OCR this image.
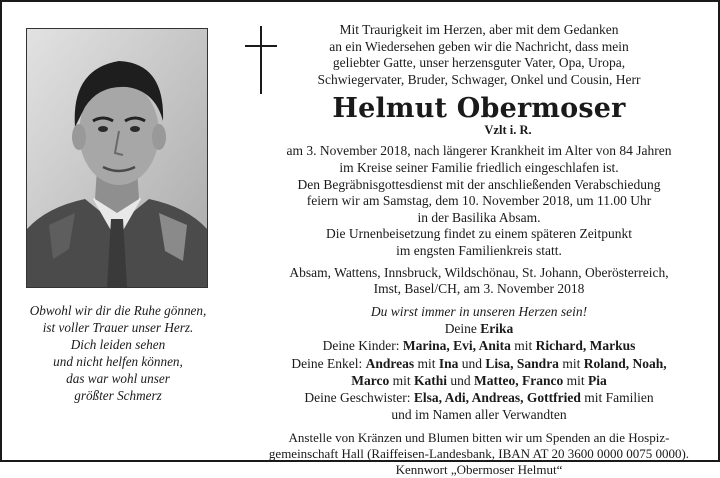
Mit Traurigkeit im Herzen, aber mit dem Gedanken
an ein Wiedersehen geben wir die Nachricht, dass mein
geliebter Gatte, unser herzensguter Vater, Opa, Uropa,
Schwiegervater, Bruder, Schwager, Onkel und Cousin, Herr
Helmut Obermoser
Vzlt i. R.
am 3. November 2018, nach längerer Krankheit im Alter von 84 Jahren
im Kreise seiner Familie friedlich eingeschlafen ist.
Den Begräbnisgottesdienst mit der anschließenden Verabschiedung
feiern wir am Samstag, dem 10. November 2018, um 11.00 Uhr
in der Basilika Absam.
Die Urnenbeisetzung findet zu einem späteren Zeitpunkt
im engsten Familienkreis statt.
Absam, Wattens, Innsbruck, Wildschönau, St. Johann, Oberösterreich,
Imst, Basel/CH, am 3. November 2018
Du wirst immer in unseren Herzen sein!
Deine Erika
Deine Kinder: Marina, Evi, Anita mit Richard, Markus
Deine Enkel: Andreas mit Ina und Lisa, Sandra mit Roland, Noah,
Marco mit Kathi und Matteo, Franco mit Pia
Deine Geschwister: Elsa, Adi, Andreas, Gottfried mit Familien
und im Namen aller Verwandten
Anstelle von Kränzen und Blumen bitten wir um Spenden an die Hospiz-
gemeinschaft Hall (Raiffeisen-Landesbank, IBAN AT 20 3600 0000 0075 0000).
Kennwort „Obermoser Helmut“
Obwohl wir dir die Ruhe gönnen,
ist voller Trauer unser Herz.
Dich leiden sehen
und nicht helfen können,
das war wohl unser
größter Schmerz
